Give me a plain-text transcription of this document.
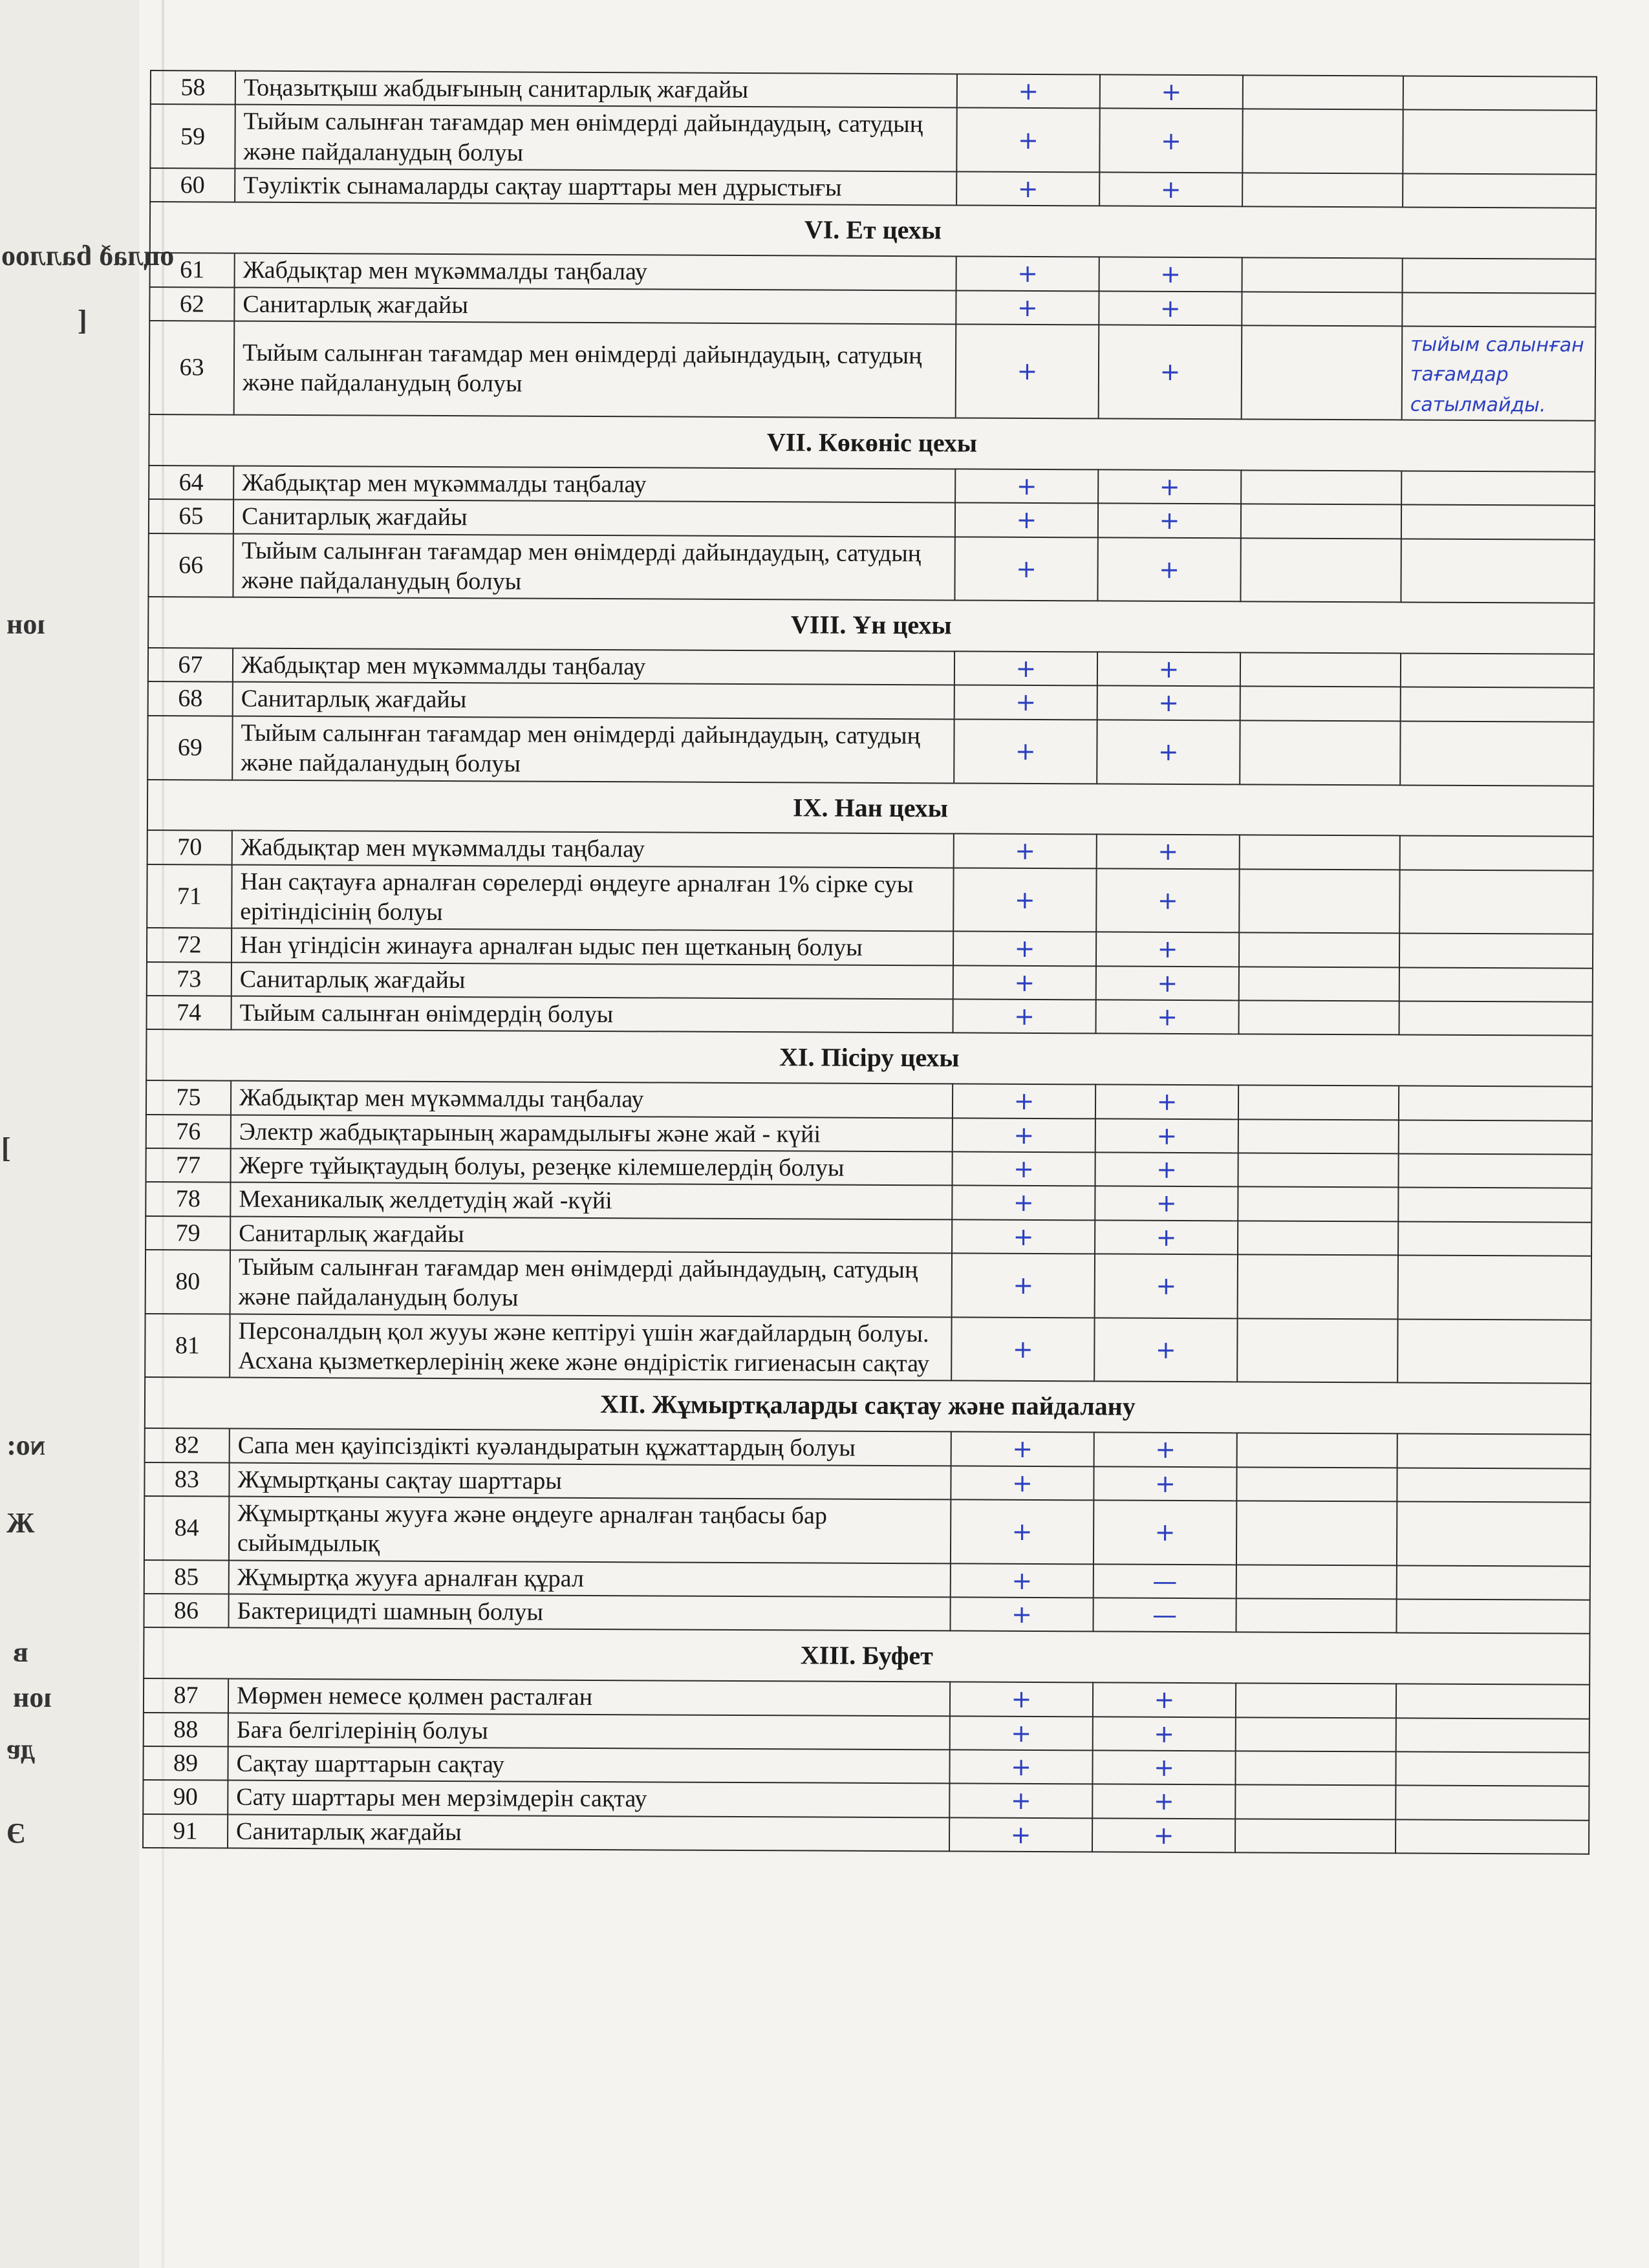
оцлаð ɓаллоо
[
ıон
]
ɴо:
Ж
в
ıон
дɐ
Э
58	Тоңазытқыш жабдығының санитарлық жағдайы	+	+		
59	Тыйым салынған тағамдар мен өнімдерді дайындаудың, сатудың және пайдаланудың болуы	+	+		
60	Тәуліктік сынамаларды сақтау шарттары мен дұрыстығы	+	+		
VI. Ет цехы					
61	Жабдықтар мен мүкәммалды таңбалау	+	+		
62	Санитарлық жағдайы	+	+		
63	Тыйым салынған тағамдар мен өнімдерді дайындаудың, сатудың және пайдаланудың болуы	+	+		тыйым салынған тағамдар сатылмайды.
VII. Көкөніс цехы					
64	Жабдықтар мен мүкәммалды таңбалау	+	+		
65	Санитарлық жағдайы	+	+		
66	Тыйым салынған тағамдар мен өнімдерді дайындаудың, сатудың және пайдаланудың болуы	+	+		
VIII. Ұн цехы					
67	Жабдықтар мен мүкәммалды таңбалау	+	+		
68	Санитарлық жағдайы	+	+		
69	Тыйым салынған тағамдар мен өнімдерді дайындаудың, сатудың және пайдаланудың болуы	+	+		
IX. Нан цехы					
70	Жабдықтар мен мүкәммалды таңбалау	+	+		
71	Нан сақтауға арналған сөрелерді өңдеуге арналған 1% сірке суы ерітіндісінің болуы	+	+		
72	Нан үгіндісін жинауға арналған ыдыс пен щетканың болуы	+	+		
73	Санитарлық жағдайы	+	+		
74	Тыйым салынған өнімдердің болуы	+	+		
XI. Пісіру цехы					
75	Жабдықтар мен мүкәммалды таңбалау	+	+		
76	Электр жабдықтарының жарамдылығы және жай - күйі	+	+		
77	Жерге тұйықтаудың болуы, резеңке кілемшелердің болуы	+	+		
78	Механикалық желдетудің жай -күйі	+	+		
79	Санитарлық жағдайы	+	+		
80	Тыйым салынған тағамдар мен өнімдерді дайындаудың, сатудың және пайдаланудың болуы	+	+		
81	Персоналдың қол жууы және кептіруі үшін жағдайлардың болуы. Асхана қызметкерлерінің жеке және өндірістік гигиенасын сақтау	+	+		
XII. Жұмыртқаларды сақтау және пайдалану					
82	Сапа мен қауіпсіздікті куәландыратын құжаттардың болуы	+	+		
83	Жұмыртқаны сақтау шарттары	+	+		
84	Жұмыртқаны жууға және өңдеуге арналған таңбасы бар сыйымдылық	+	+		
85	Жұмыртқа жууға арналған құрал	+	—		
86	Бактерицидті шамның болуы	+	—		
XIII. Буфет					
87	Мөрмен немесе қолмен расталған	+	+		
88	Баға белгілерінің болуы	+	+		
89	Сақтау шарттарын сақтау	+	+		
90	Сату шарттары мен мерзімдерін сақтау	+	+		
91	Санитарлық жағдайы	+	+		
